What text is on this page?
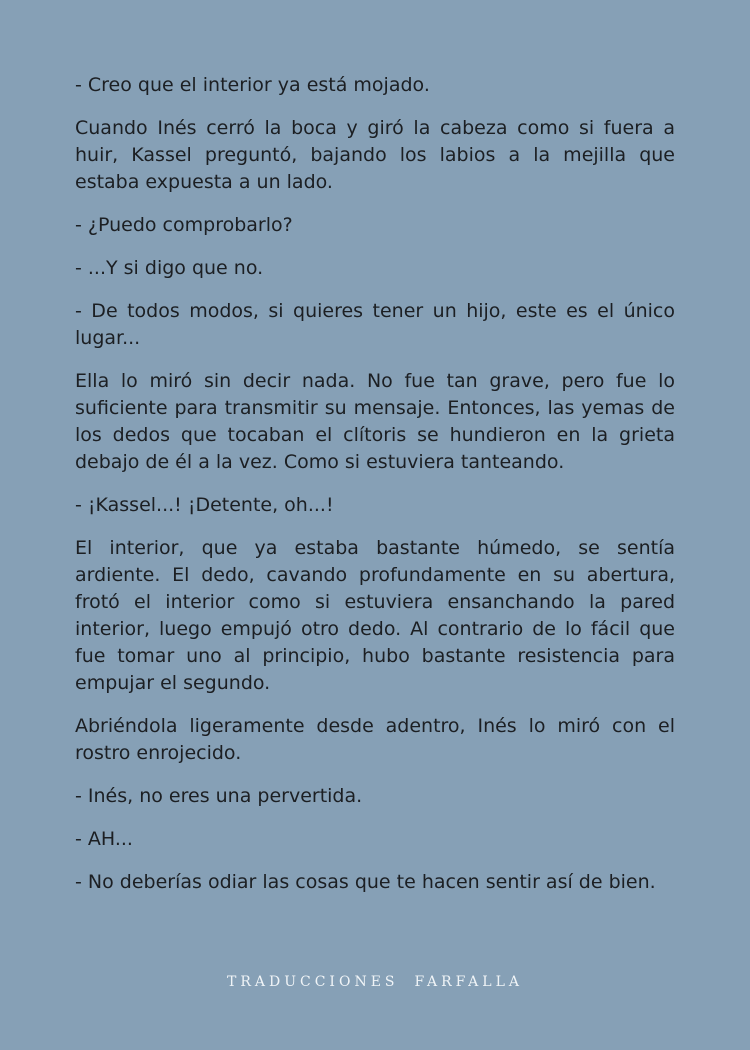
- Creo que el interior ya está mojado.

Cuando Inés cerró la boca y giró la cabeza como si fuera a huir, Kassel preguntó, bajando los labios a la mejilla que estaba expuesta a un lado.

- ¿Puedo comprobarlo?

- ...Y si digo que no.

- De todos modos, si quieres tener un hijo, este es el único lugar...

Ella lo miró sin decir nada. No fue tan grave, pero fue lo suficiente para transmitir su mensaje. Entonces, las yemas de los dedos que tocaban el clítoris se hundieron en la grieta debajo de él a la vez. Como si estuviera tanteando.

- ¡Kassel...! ¡Detente, oh...!

El interior, que ya estaba bastante húmedo, se sentía ardiente. El dedo, cavando profundamente en su abertura, frotó el interior como si estuviera ensanchando la pared interior, luego empujó otro dedo. Al contrario de lo fácil que fue tomar uno al principio, hubo bastante resistencia para empujar el segundo.

Abriéndola ligeramente desde adentro, Inés lo miró con el rostro enrojecido.

- Inés, no eres una pervertida.

- AH...

- No deberías odiar las cosas que te hacen sentir así de bien.

TRADUCCIONES FARFALLA
